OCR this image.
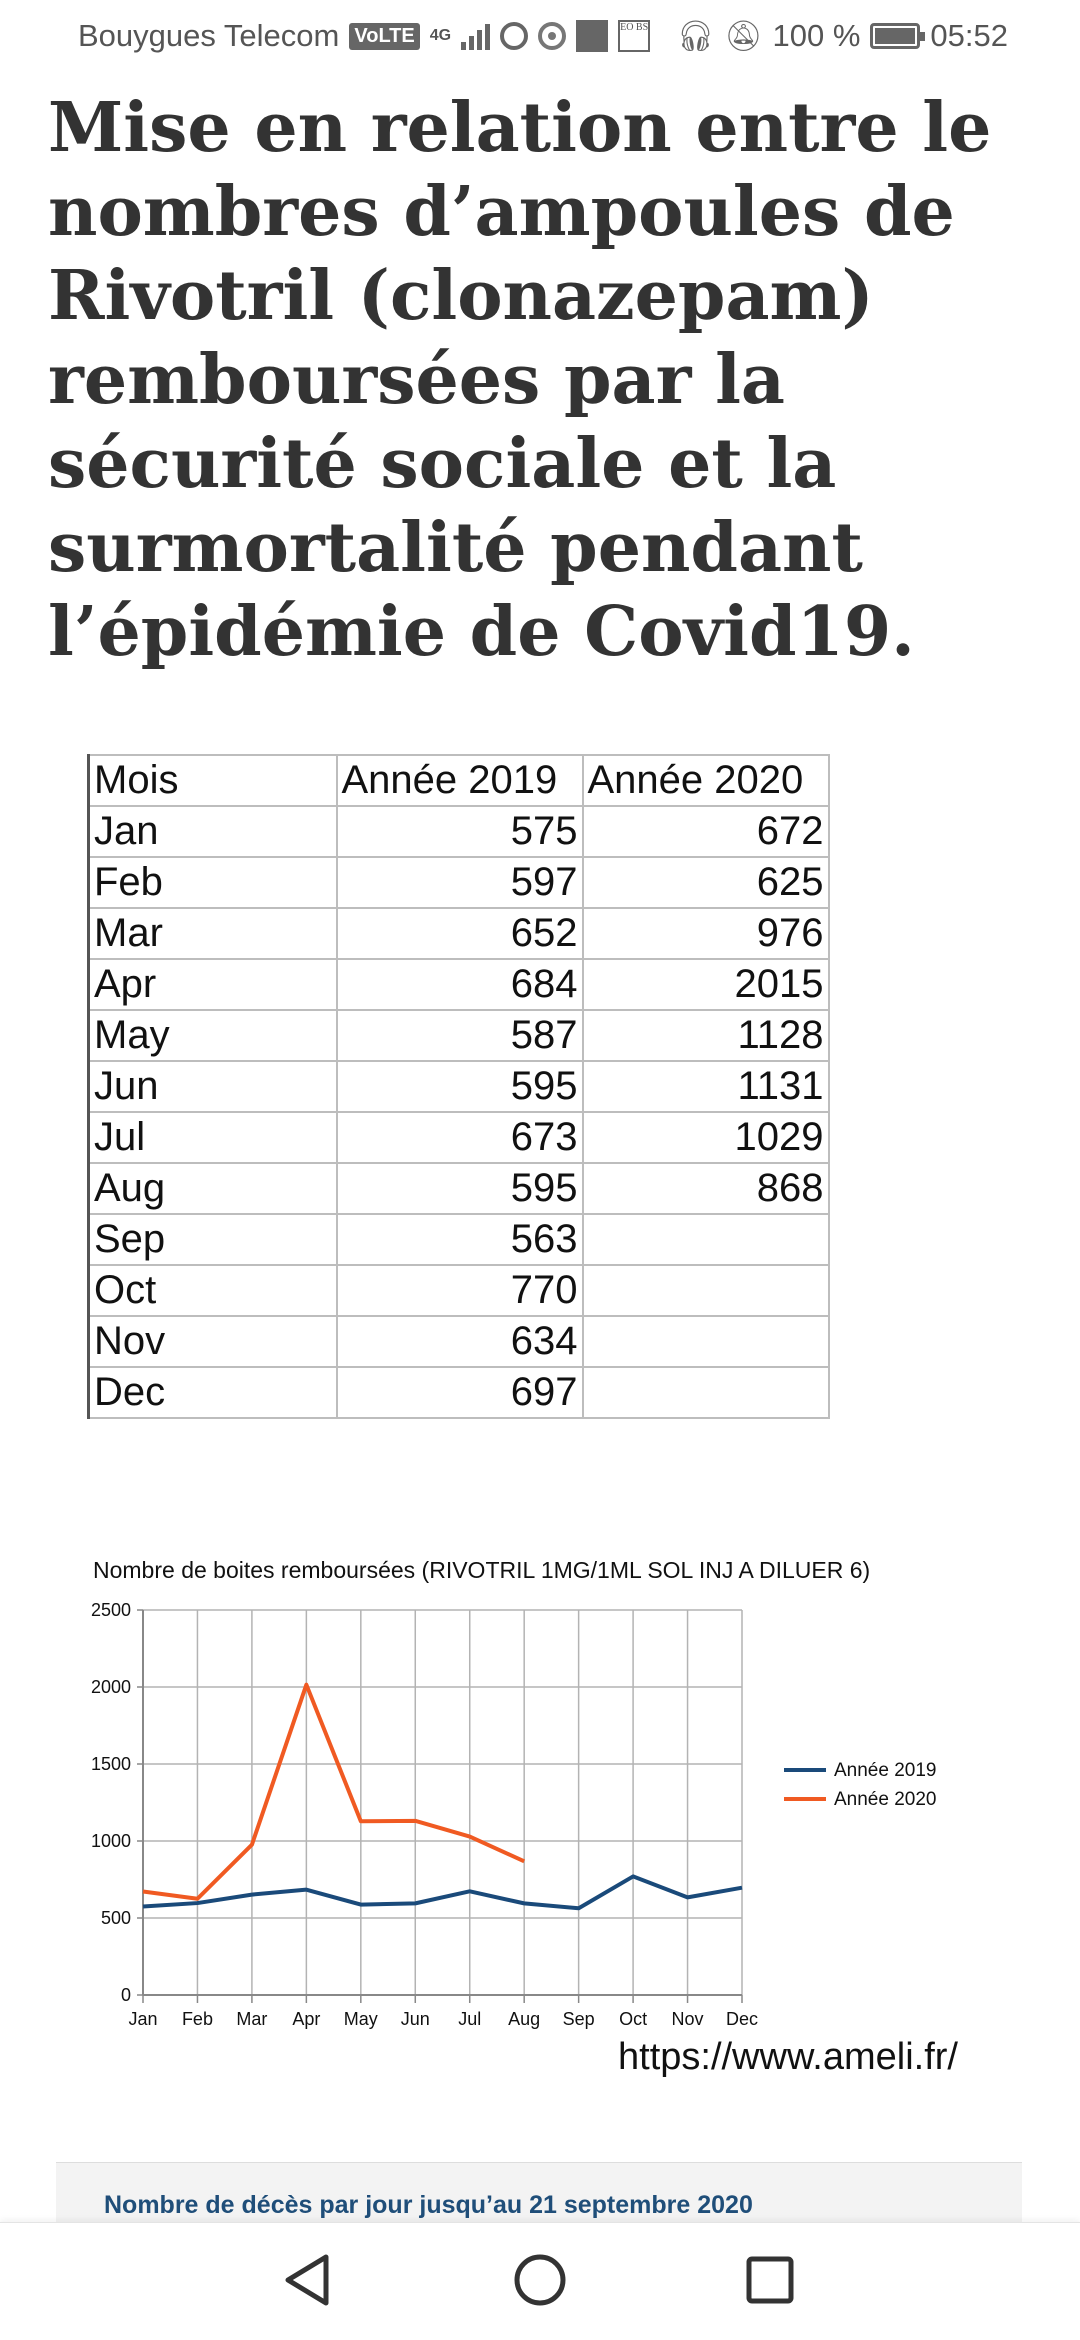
Bouygues Telecom VoLTE 4G	EO BS 🎧︎ 🔕︎ 100 % 05:52
Mise en relation entre le nombres d’ampoules de Rivotril (clonazepam) remboursées par la sécurité sociale et la surmortalité pendant l’épidémie de Covid19.
Mois	Année 2019	Année 2020
Jan	575	672
Feb	597	625
Mar	652	976
Apr	684	2015
May	587	1128
Jun	595	1131
Jul	673	1029
Aug	595	868
Sep	563	
Oct	770	
Nov	634	
Dec	697	
Nombre de boites remboursées (RIVOTRIL 1MG/1ML SOL INJ A DILUER 6)
0
500
1000
1500
2000
2500
Jan Feb Mar Apr May Jun Jul Aug Sep Oct Nov Dec
Année 2019
Année 2020
https://www.ameli.fr/
Nombre de décès par jour jusqu’au 21 septembre 2020
